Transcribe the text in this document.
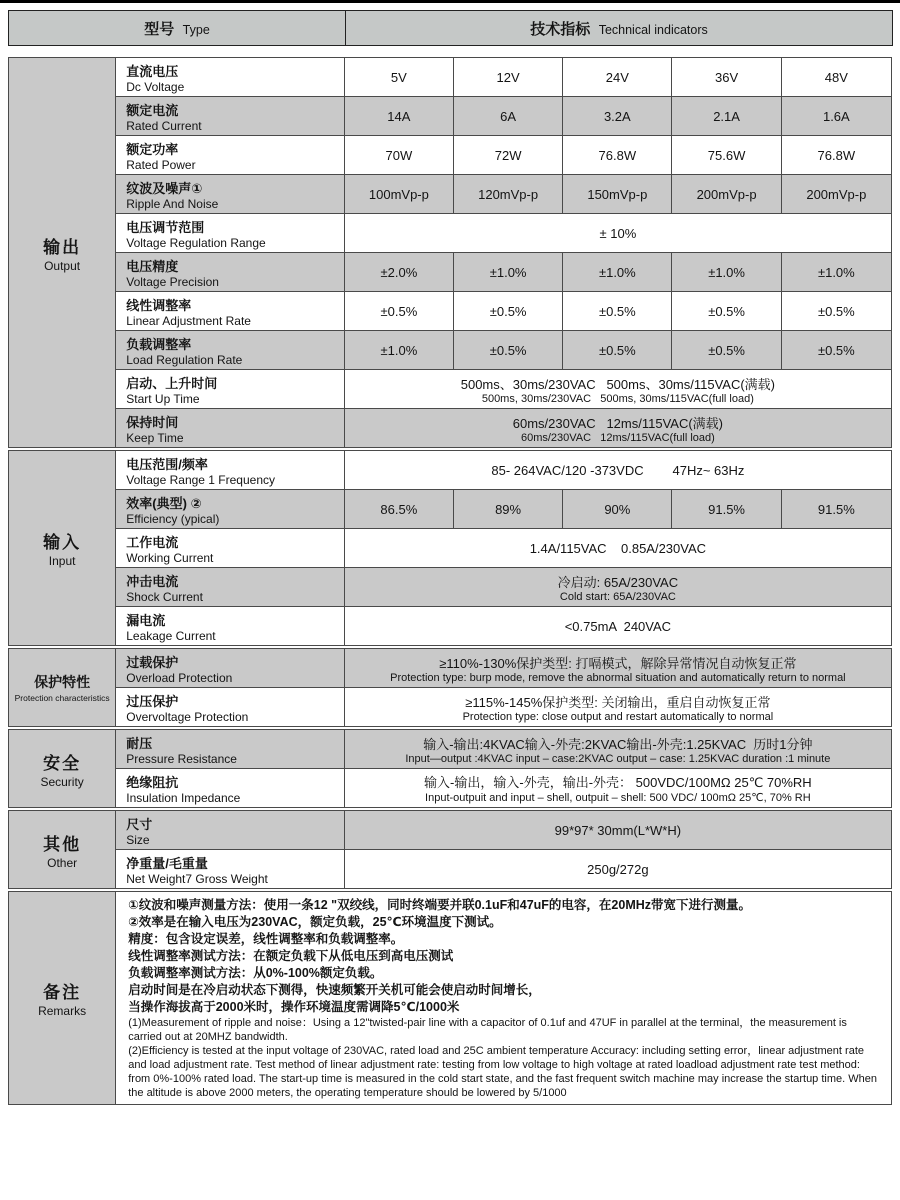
型号 Type	技术指标 Technical indicators
输出
Output

直流电压
Dc Voltage
	5V	12V	24V	36V	48V

	额定电流
Rated Current	14A	6A	3.2A	2.1A	1.6A

	额定功率
Rated Power	70W	72W	76.8W	75.6W	76.8W

	纹波及噪声①
Ripple And Noise	100mVp-p	120mVp-p	150mVp-p	200mVp-p	200mVp-p

	电压调节范围
Voltage Regulation Range	± 10%				

	电压精度
Voltage Precision	±2.0%	±1.0%	±1.0%	±1.0%	±1.0%

	线性调整率
Linear Adjustment Rate	±0.5%	±0.5%	±0.5%	±0.5%	±0.5%

	负载调整率
Load Regulation Rate	±1.0%	±0.5%	±0.5%	±0.5%	±0.5%

启动、上升时间
Start Up Time

500ms、30ms/230VAC   500ms、30ms/115VAC(满载)
500ms, 30ms/230VAC   500ms, 30ms/115VAC(full load)

保持时间
Keep Time

60ms/230VAC   12ms/115VAC(满载)
60ms/230VAC   12ms/115VAC(full load)
输入
Input

电压范围/频率
Voltage Range 1 Frequency

85- 264VAC/120 -373VDC        47Hz~ 63Hz

	效率(典型) ②
Efficiency (ypical)	86.5%	89%	90%	91.5%	91.5%

	工作电流
Working Current	1.4A/115VAC    0.85A/230VAC				

冲击电流
Shock Current

冷启动: 65A/230VAC
Cold start: 65A/230VAC

	漏电流
Leakage Current	<0.75mA  240VAC				
保护特性
Protection characteristics

过载保护
Overload Protection

≥110%-130%保护类型: 打嗝模式，解除异常情况自动恢复正常
Protection type: burp mode, remove the abnormal situation and automatically return to normal

过压保护
Overvoltage Protection

≥115%-145%保护类型: 关闭输出，重启自动恢复正常
Protection type: close output and restart automatically to normal
安全
Security

耐压
Pressure Resistance

输入-输出:4KVAC输入-外壳:2KVAC输出-外壳:1.25KVAC  历时1分钟
Input—output :4KVAC input – case:2KVAC output – case: 1.25KVAC duration :1 minute

绝缘阻抗
Insulation Impedance

输入-输出，输入-外壳，输出-外壳： 500VDC/100MΩ 25℃ 70%RH
Input-outpuit and input – shell, outpuit – shell: 500 VDC/ 100mΩ 25℃, 70% RH
其他
Other

尺寸
Size

99*97* 30mm(L*W*H)

	净重量/毛重量
Net Weight7 Gross Weight	250g/272g
备注
Remarks

①纹波和噪声测量方法：使用一条12 "双绞线，同时终端要并联0.1uF和47uF的电容，在20MHz带宽下进行测量。
②效率是在输入电压为230VAC，额定负载，25℃环境温度下测试。
精度：包含设定误差，线性调整率和负载调整率。
线性调整率测试方法：在额定负载下从低电压到高电压测试
负载调整率测试方法：从0%-100%额定负载。
启动时间是在冷启动状态下测得，快速频繁开关机可能会使启动时间增长，
当操作海拔高于2000米时，操作环境温度需调降5℃/1000米
(1)Measurement of ripple and noise：Using a 12"twisted-pair line with a capacitor of 0.1uf and 47UF in parallel at the terminal，the measurement is carried out at 20MHZ bandwidth.
(2)Efficiency is tested at the input voltage of 230VAC, rated load and 25C ambient temperature Accuracy: including setting error，linear adjustment rate and load adjustment rate. Test method of linear adjustment rate: testing from low voltage to high voltage at rated loadload adjustment rate test method: from 0%-100% rated load. The start-up time is measured in the cold start state, and the fast frequent switch machine may increase the startup time. When the altitude is above 2000 meters, the operating temperature should be lowered by 5/1000
